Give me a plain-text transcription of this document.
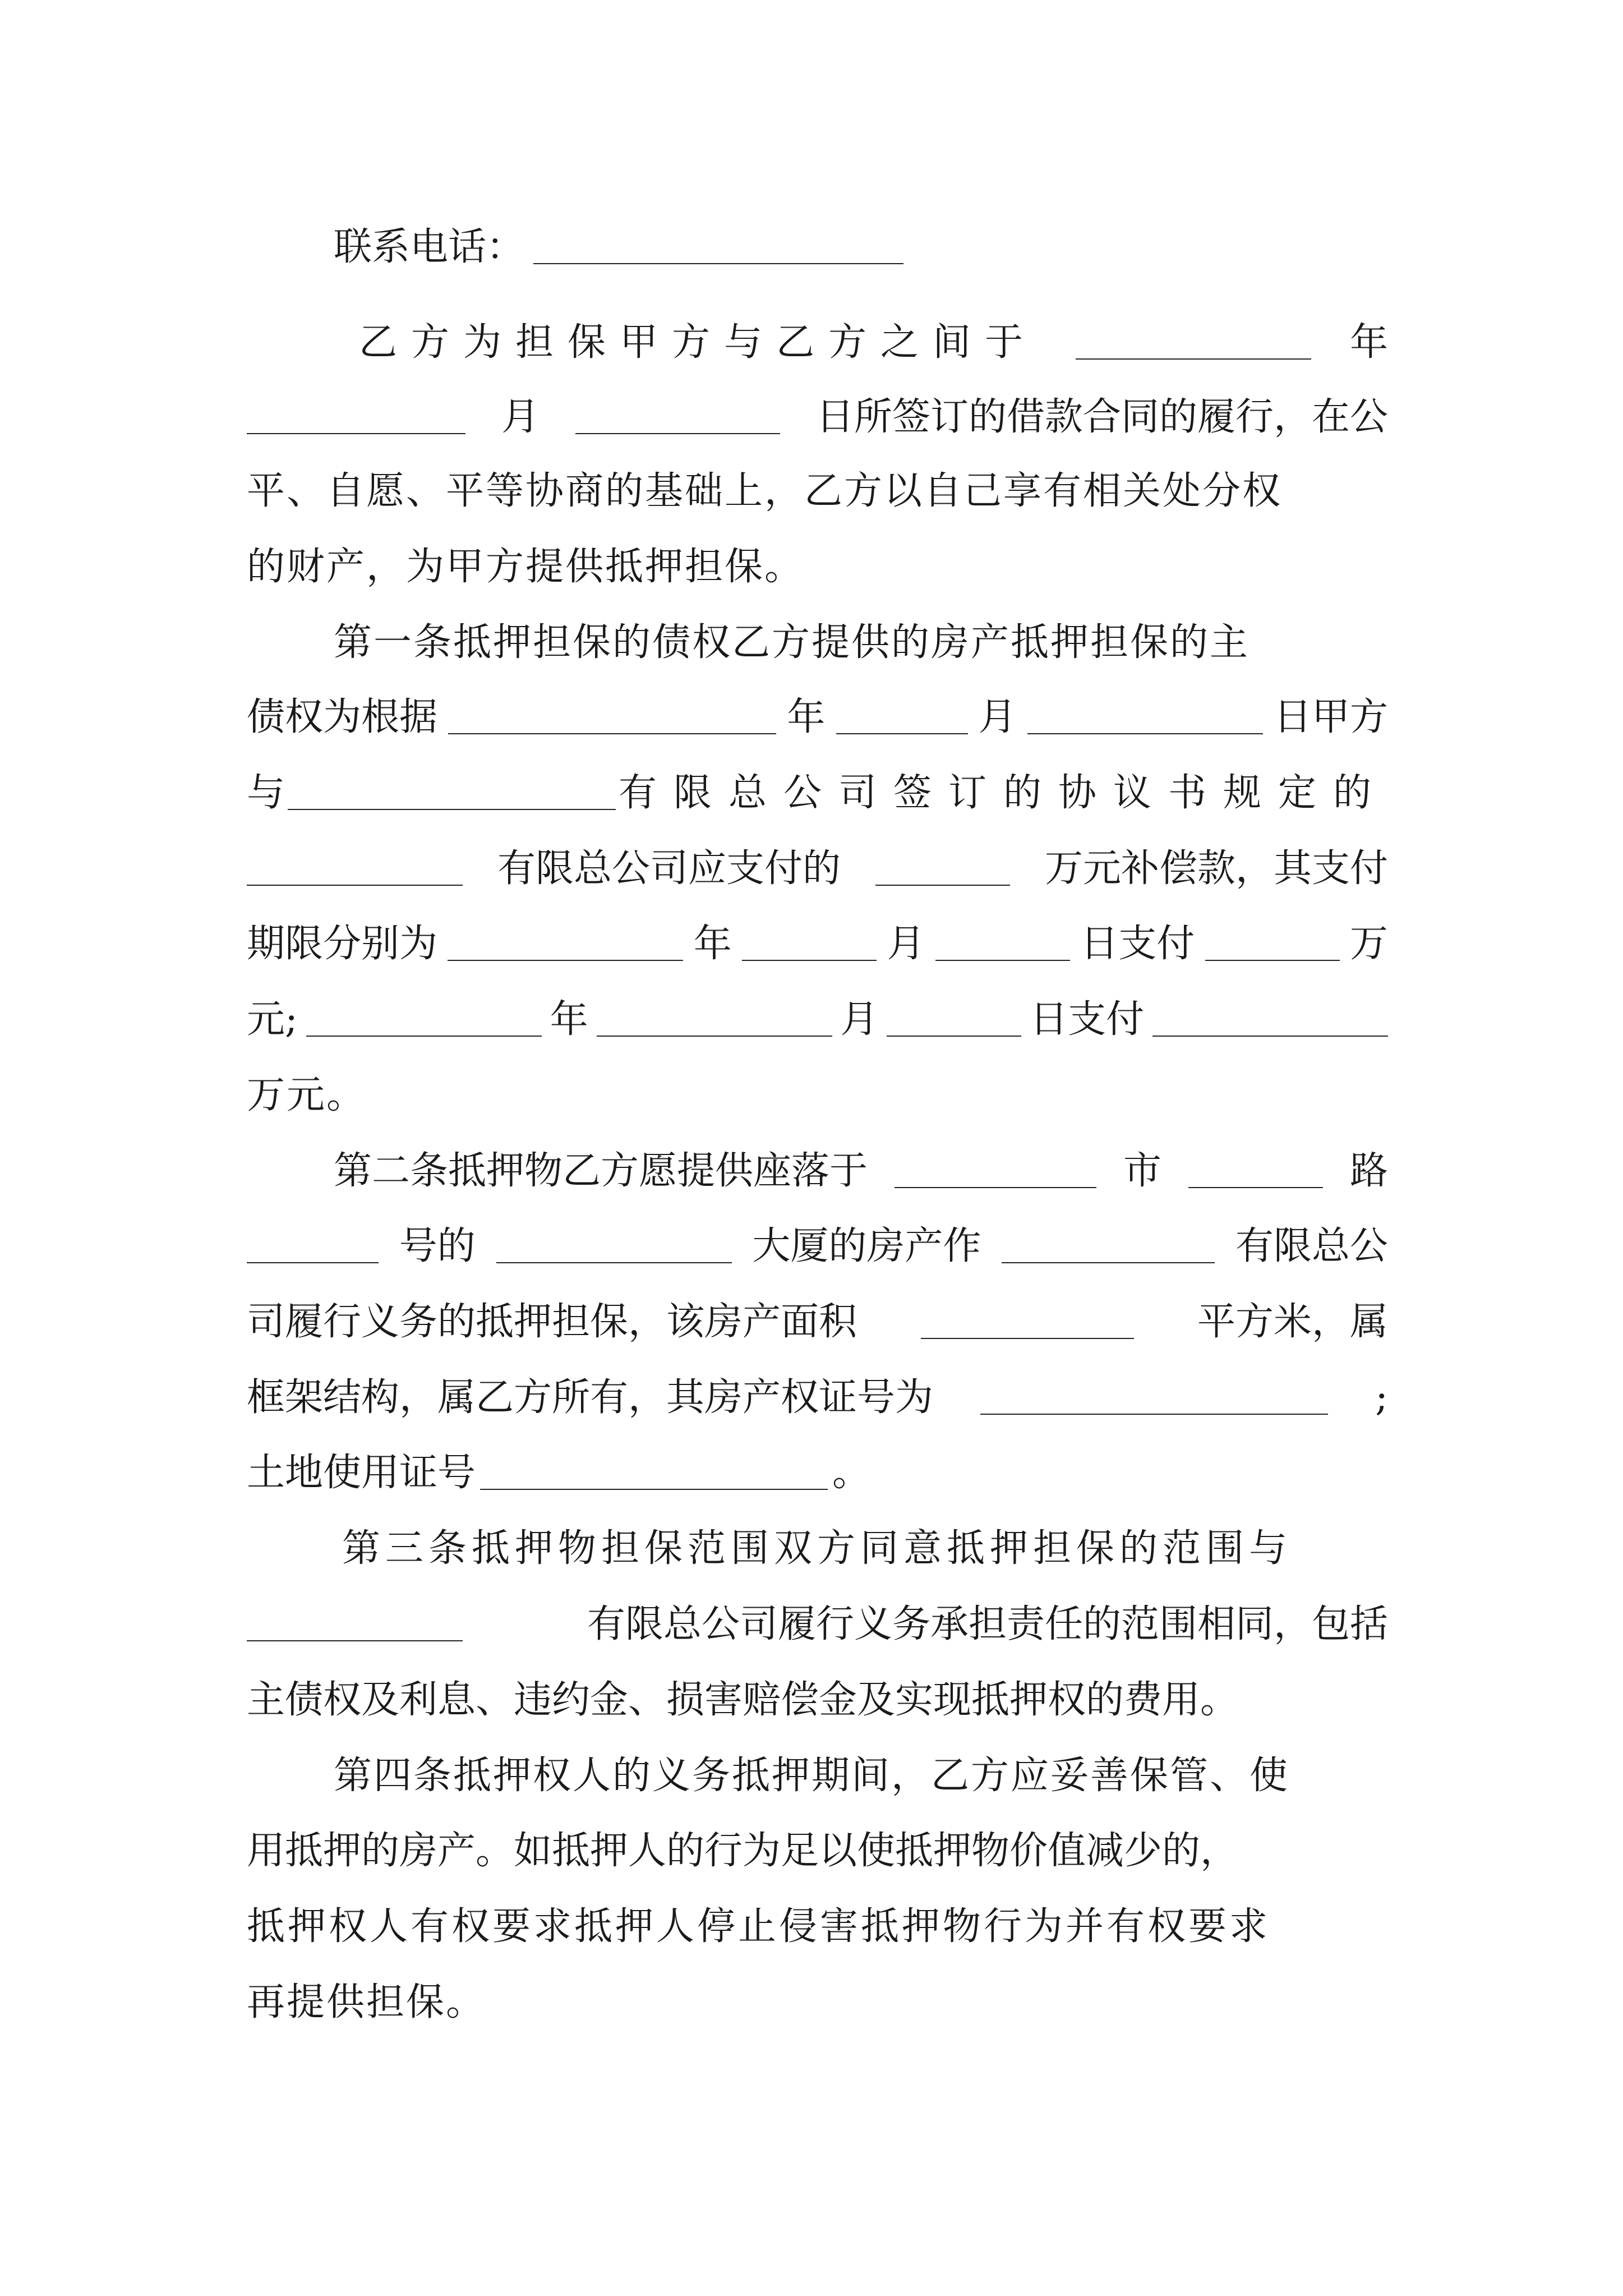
联系电话：
乙方为担保甲方与乙方之间于	年
月	日所签订的借款合同的履行，在公
平、自愿、平等协商的基础上，乙方以自己享有相关处分权
的财产，为甲方提供抵押担保。
第一条抵押担保的债权乙方提供的房产抵押担保的主
债权为根据	年	月	日甲方
与	有限总公司签订的协议书规定的
有限总公司应支付的	万元补偿款，其支付
期限分别为	年	月	日支付	万
元;	年	月	日支付
万元。
第二条抵押物乙方愿提供座落于	市	路
号的	大厦的房产作	有限总公
司履行义务的抵押担保，该房产面积	平方米，属
框架结构，属乙方所有，其房产权证号为	;
土地使用证号	。
第三条抵押物担保范围双方同意抵押担保的范围与
有限总公司履行义务承担责任的范围相同，包括
主债权及利息、违约金、损害赔偿金及实现抵押权的费用。
第四条抵押权人的义务抵押期间，乙方应妥善保管、使
用抵押的房产。如抵押人的行为足以使抵押物价值减少的，
抵押权人有权要求抵押人停止侵害抵押物行为并有权要求
再提供担保。
